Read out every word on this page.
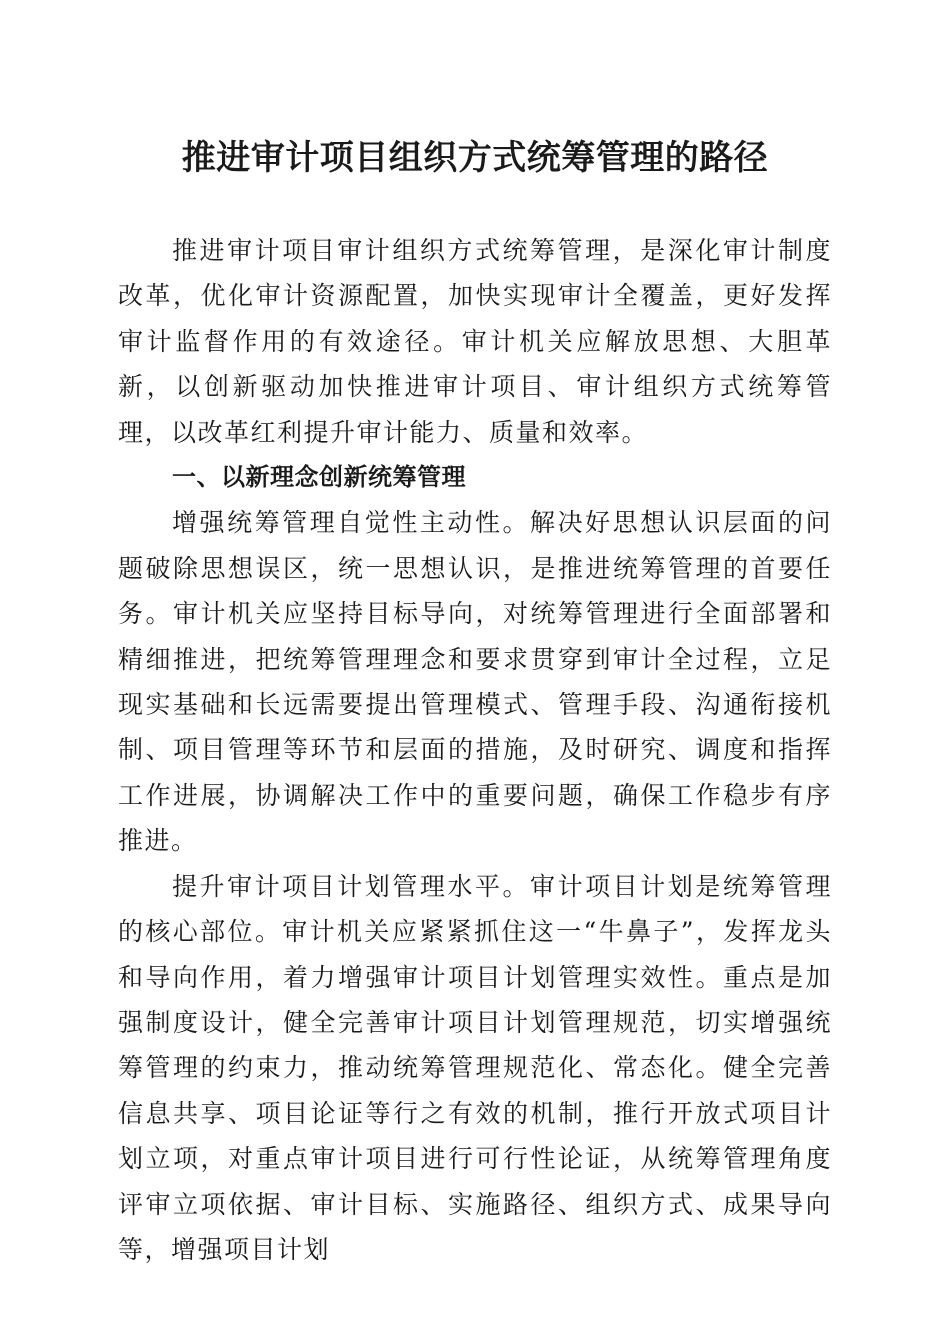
推进审计项目组织方式统筹管理的路径

推进审计项目审计组织方式统筹管理，是深化审计制度改革，优化审计资源配置，加快实现审计全覆盖，更好发挥审计监督作用的有效途径。审计机关应解放思想、大胆革新，以创新驱动加快推进审计项目、审计组织方式统筹管理，以改革红利提升审计能力、质量和效率。

一、以新理念创新统筹管理

增强统筹管理自觉性主动性。解决好思想认识层面的问题破除思想误区，统一思想认识，是推进统筹管理的首要任务。审计机关应坚持目标导向，对统筹管理进行全面部署和精细推进，把统筹管理理念和要求贯穿到审计全过程，立足现实基础和长远需要提出管理模式、管理手段、沟通衔接机制、项目管理等环节和层面的措施，及时研究、调度和指挥工作进展，协调解决工作中的重要问题，确保工作稳步有序推进。

提升审计项目计划管理水平。审计项目计划是统筹管理的核心部位。审计机关应紧紧抓住这一“牛鼻子”，发挥龙头和导向作用，着力增强审计项目计划管理实效性。重点是加强制度设计，健全完善审计项目计划管理规范，切实增强统筹管理的约束力，推动统筹管理规范化、常态化。健全完善信息共享、项目论证等行之有效的机制，推行开放式项目计划立项，对重点审计项目进行可行性论证，从统筹管理角度评审立项依据、审计目标、实施路径、组织方式、成果导向等，增强项目计划
